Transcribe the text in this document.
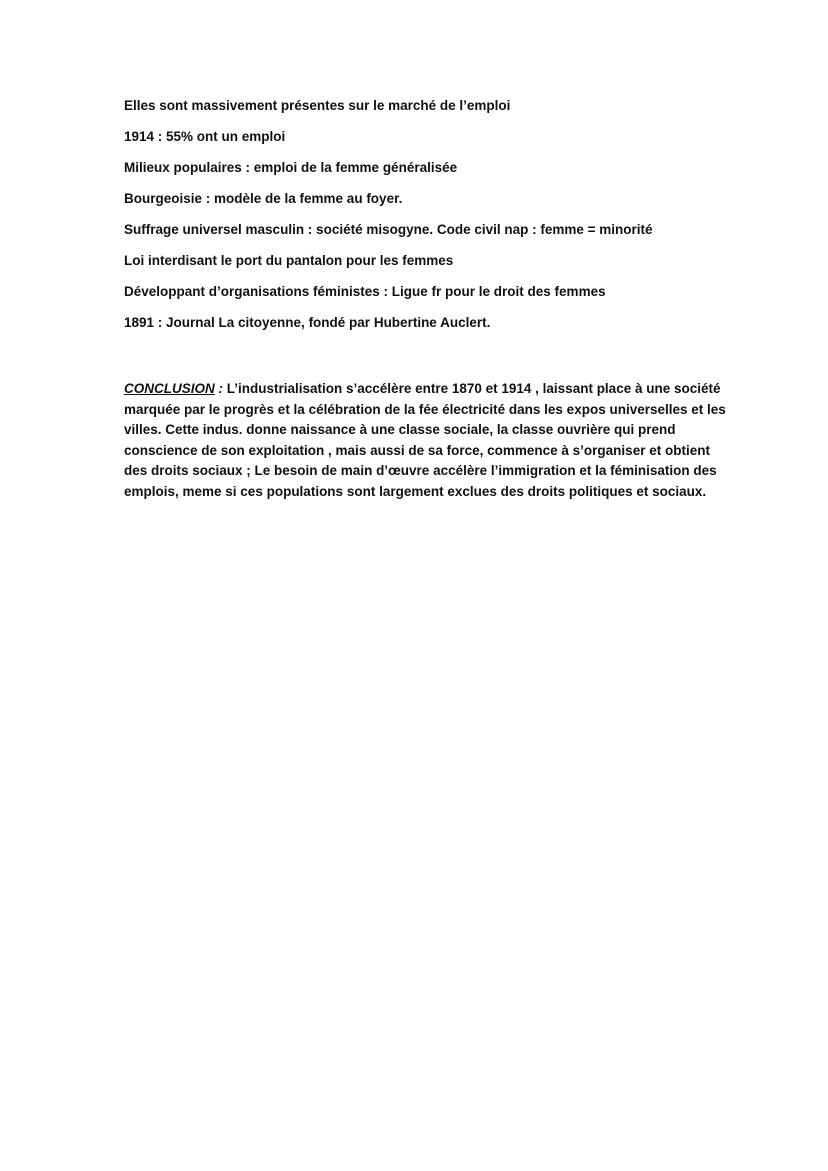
Elles sont massivement présentes sur le marché de l’emploi

1914 : 55% ont un emploi

Milieux populaires : emploi de la femme généralisée

Bourgeoisie : modèle de la femme au foyer.

Suffrage universel masculin : société misogyne. Code civil nap : femme = minorité

Loi interdisant le port du pantalon pour les femmes

Développant d’organisations féministes : Ligue fr pour le droit des femmes

1891 : Journal La citoyenne, fondé par Hubertine Auclert.

CONCLUSION : L’industrialisation s’accélère entre 1870 et 1914 , laissant place à une société marquée par le progrès et la célébration de la fée électricité dans les expos universelles et les villes. Cette indus. donne naissance à une classe sociale, la classe ouvrière qui prend conscience de son exploitation , mais aussi de sa force, commence à s’organiser et obtient des droits sociaux ; Le besoin de main d’œuvre accélère l’immigration et la féminisation des emplois, meme si ces populations sont largement exclues des droits politiques et sociaux.
